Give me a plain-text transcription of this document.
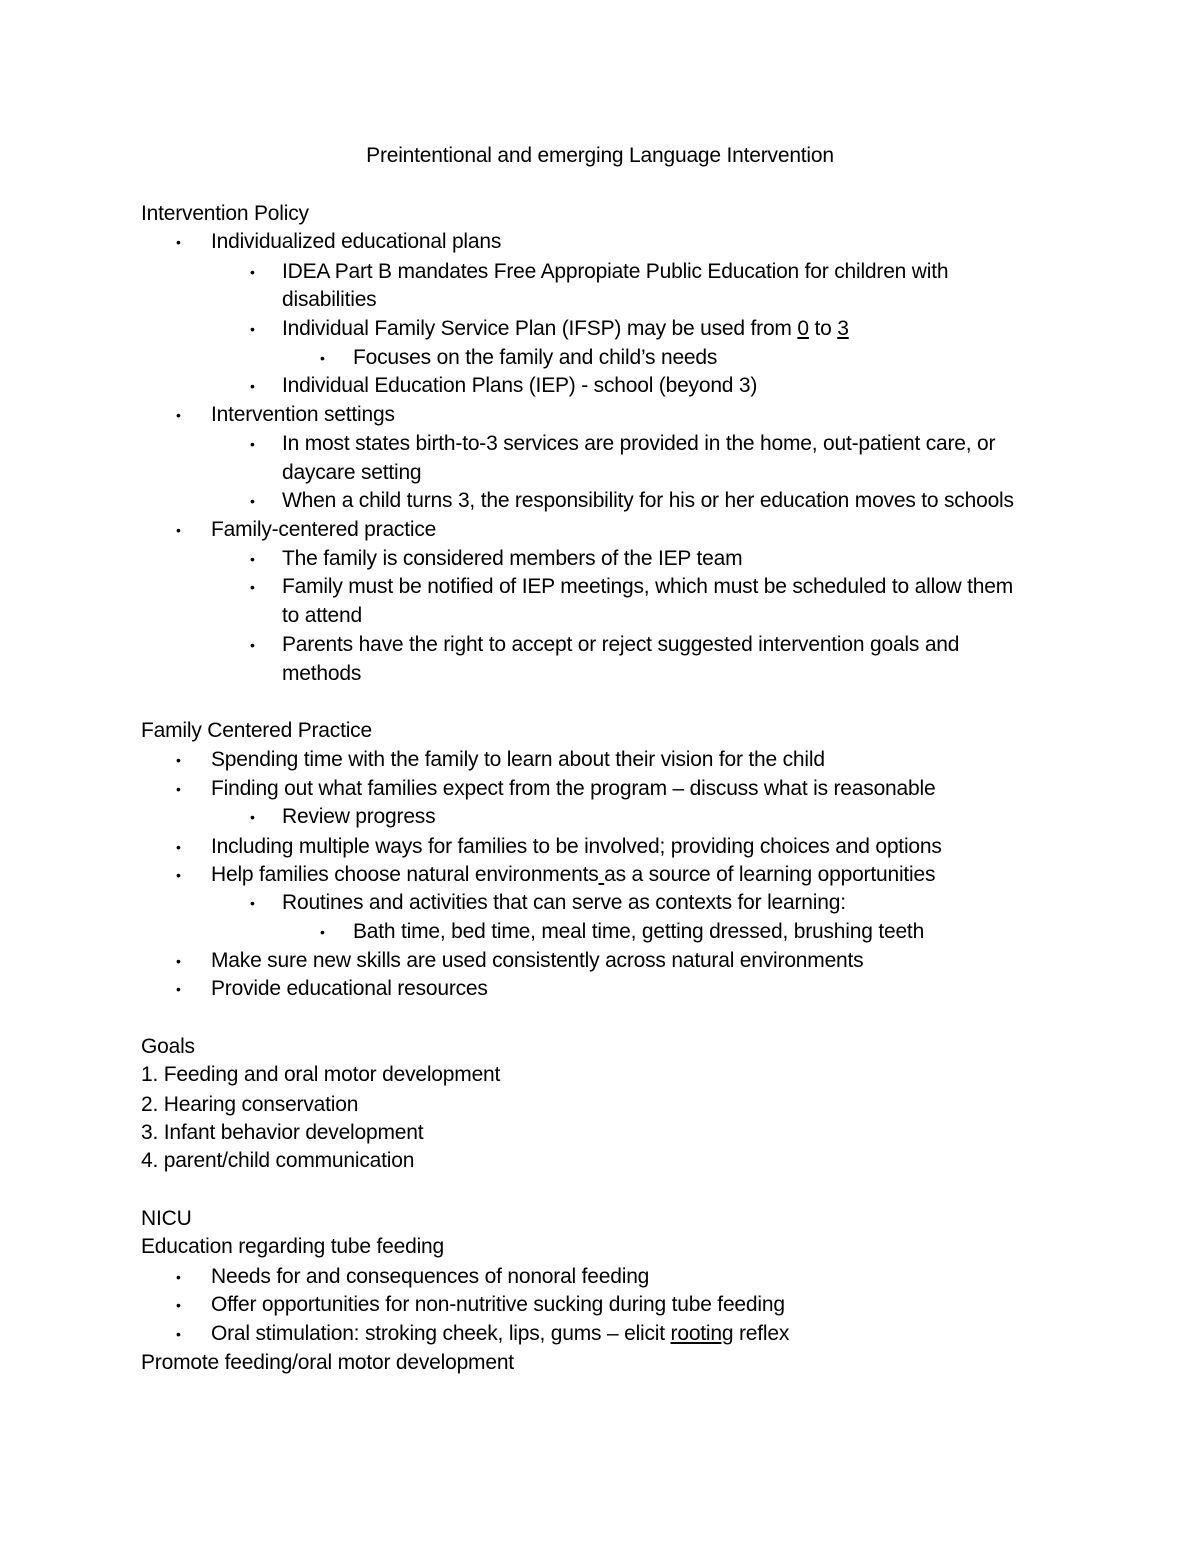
Preintentional and emerging Language Intervention
Intervention Policy
• Individualized educational plans
• IDEA Part B mandates Free Appropiate Public Education for children with
disabilities
• Individual Family Service Plan (IFSP) may be used from 0 to 3
• Focuses on the family and child’s needs
• Individual Education Plans (IEP) - school (beyond 3)
• Intervention settings
• In most states birth-to-3 services are provided in the home, out-patient care, or
daycare setting
• When a child turns 3, the responsibility for his or her education moves to schools
• Family-centered practice
• The family is considered members of the IEP team
• Family must be notified of IEP meetings, which must be scheduled to allow them
to attend
• Parents have the right to accept or reject suggested intervention goals and
methods
Family Centered Practice
• Spending time with the family to learn about their vision for the child
• Finding out what families expect from the program – discuss what is reasonable
• Review progress
• Including multiple ways for families to be involved; providing choices and options
• Help families choose natural environments as a source of learning opportunities
• Routines and activities that can serve as contexts for learning:
• Bath time, bed time, meal time, getting dressed, brushing teeth
• Make sure new skills are used consistently across natural environments
• Provide educational resources
Goals
1. Feeding and oral motor development
2. Hearing conservation
3. Infant behavior development
4. parent/child communication
NICU
Education regarding tube feeding
• Needs for and consequences of nonoral feeding
• Offer opportunities for non-nutritive sucking during tube feeding
• Oral stimulation: stroking cheek, lips, gums – elicit rooting reflex
Promote feeding/oral motor development
